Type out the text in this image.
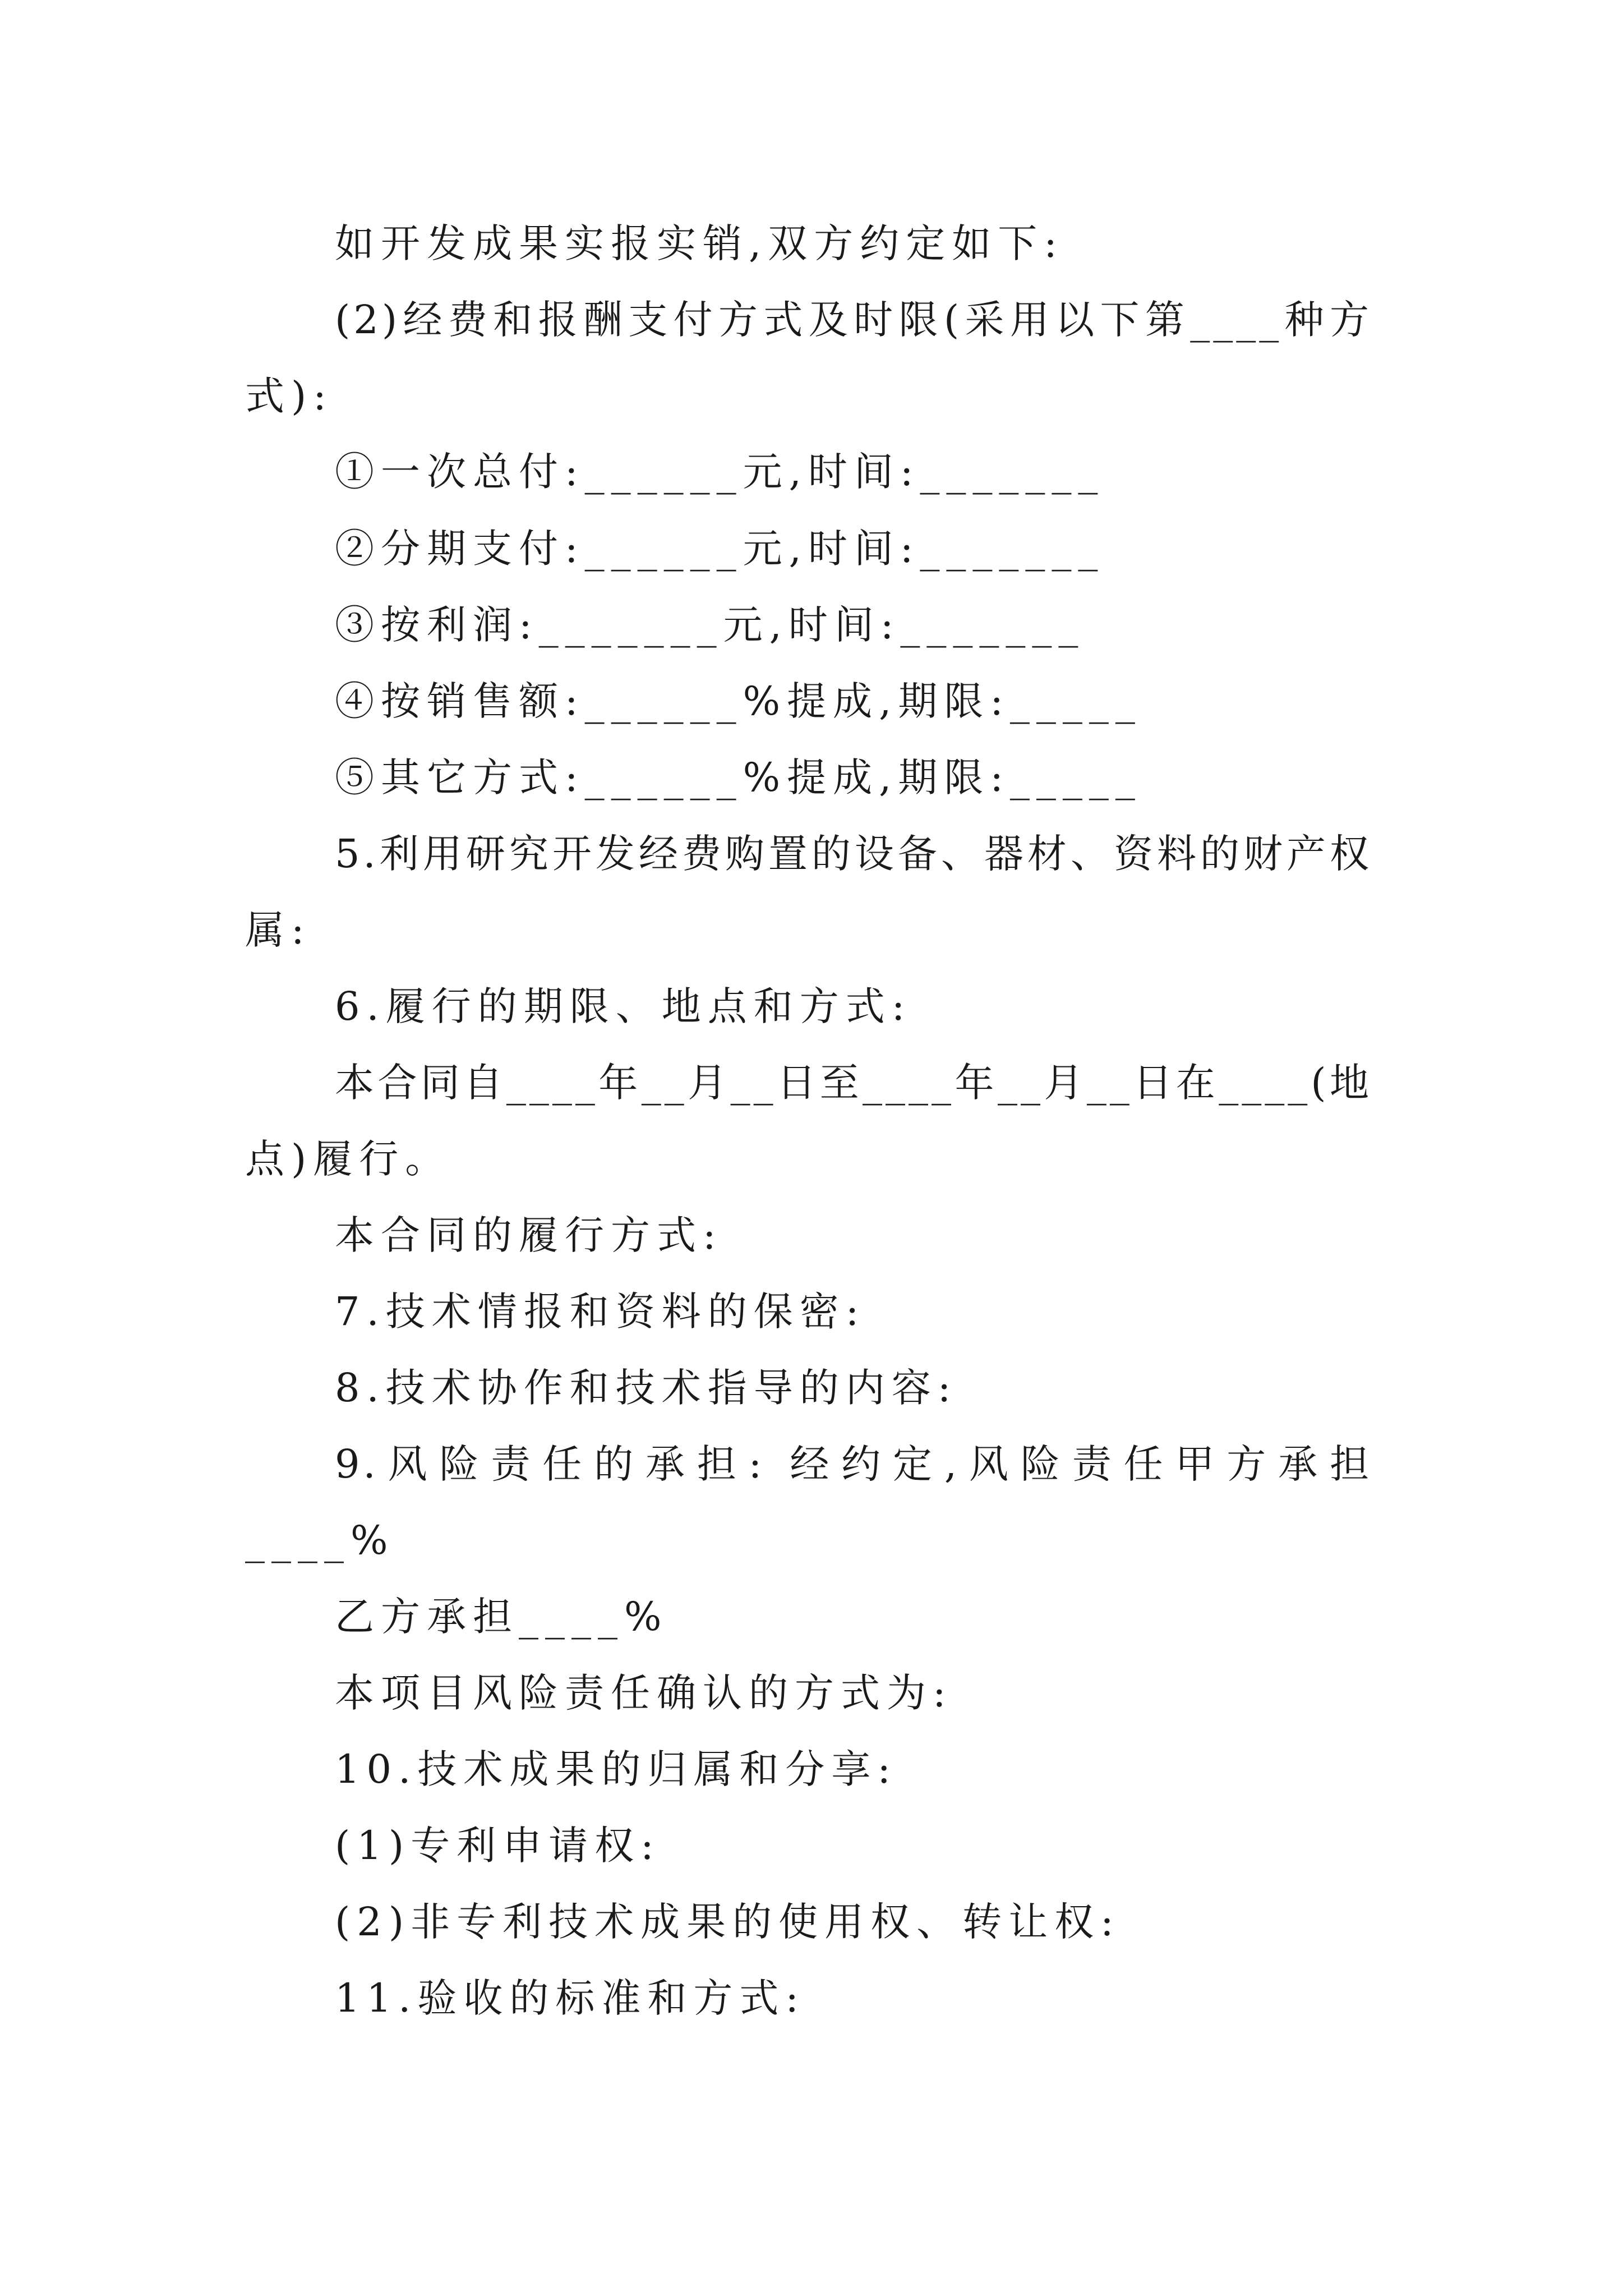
如开发成果实报实销,双方约定如下:
(2)经费和报酬支付方式及时限(采用以下第____种方
式):
①一次总付:______元,时间:_______
②分期支付:______元,时间:_______
③按利润:_______元,时间:_______
④按销售额:______%提成,期限:_____
⑤其它方式:______%提成,期限:_____
5.利用研究开发经费购置的设备、器材、资料的财产权
属:
6.履行的期限、地点和方式:
本合同自____年__月__日至____年__月__日在____(地
点)履行。
本合同的履行方式:
7.技术情报和资料的保密:
8.技术协作和技术指导的内容:
9.风险责任的承担: 经约定,风险责任甲方承担
____%
乙方承担____%
本项目风险责任确认的方式为:
10.技术成果的归属和分享:
(1)专利申请权:
(2)非专利技术成果的使用权、转让权:
11.验收的标准和方式:
